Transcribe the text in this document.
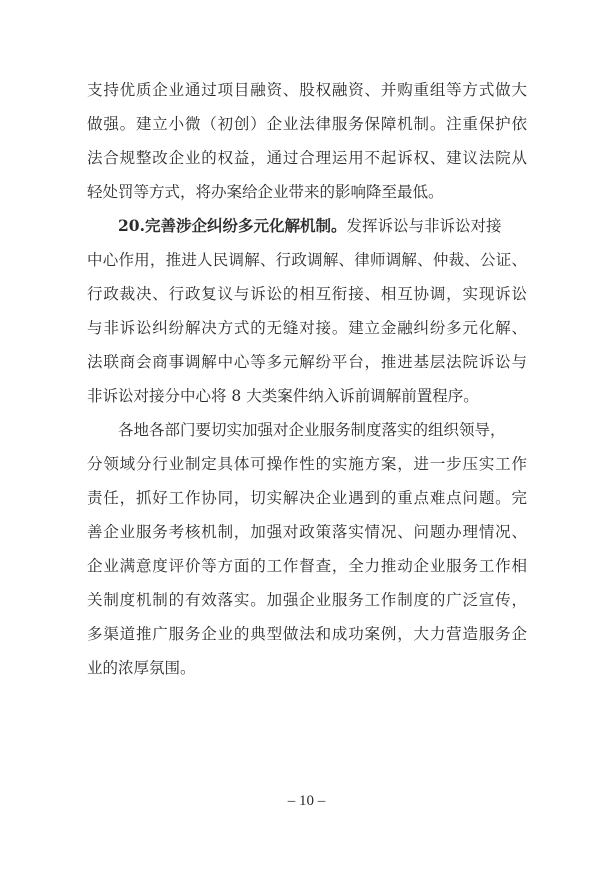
支持优质企业通过项目融资、股权融资、并购重组等方式做大
做强。建立小微（初创）企业法律服务保障机制。注重保护依
法合规整改企业的权益，通过合理运用不起诉权、建议法院从
轻处罚等方式，将办案给企业带来的影响降至最低。
20.完善涉企纠纷多元化解机制。发挥诉讼与非诉讼对接
中心作用，推进人民调解、行政调解、律师调解、仲裁、公证、
行政裁决、行政复议与诉讼的相互衔接、相互协调，实现诉讼
与非诉讼纠纷解决方式的无缝对接。建立金融纠纷多元化解、
法联商会商事调解中心等多元解纷平台，推进基层法院诉讼与
非诉讼对接分中心将 8 大类案件纳入诉前调解前置程序。
各地各部门要切实加强对企业服务制度落实的组织领导，
分领域分行业制定具体可操作性的实施方案，进一步压实工作
责任，抓好工作协同，切实解决企业遇到的重点难点问题。完
善企业服务考核机制，加强对政策落实情况、问题办理情况、
企业满意度评价等方面的工作督查，全力推动企业服务工作相
关制度机制的有效落实。加强企业服务工作制度的广泛宣传，
多渠道推广服务企业的典型做法和成功案例，大力营造服务企
业的浓厚氛围。
– 10 –
